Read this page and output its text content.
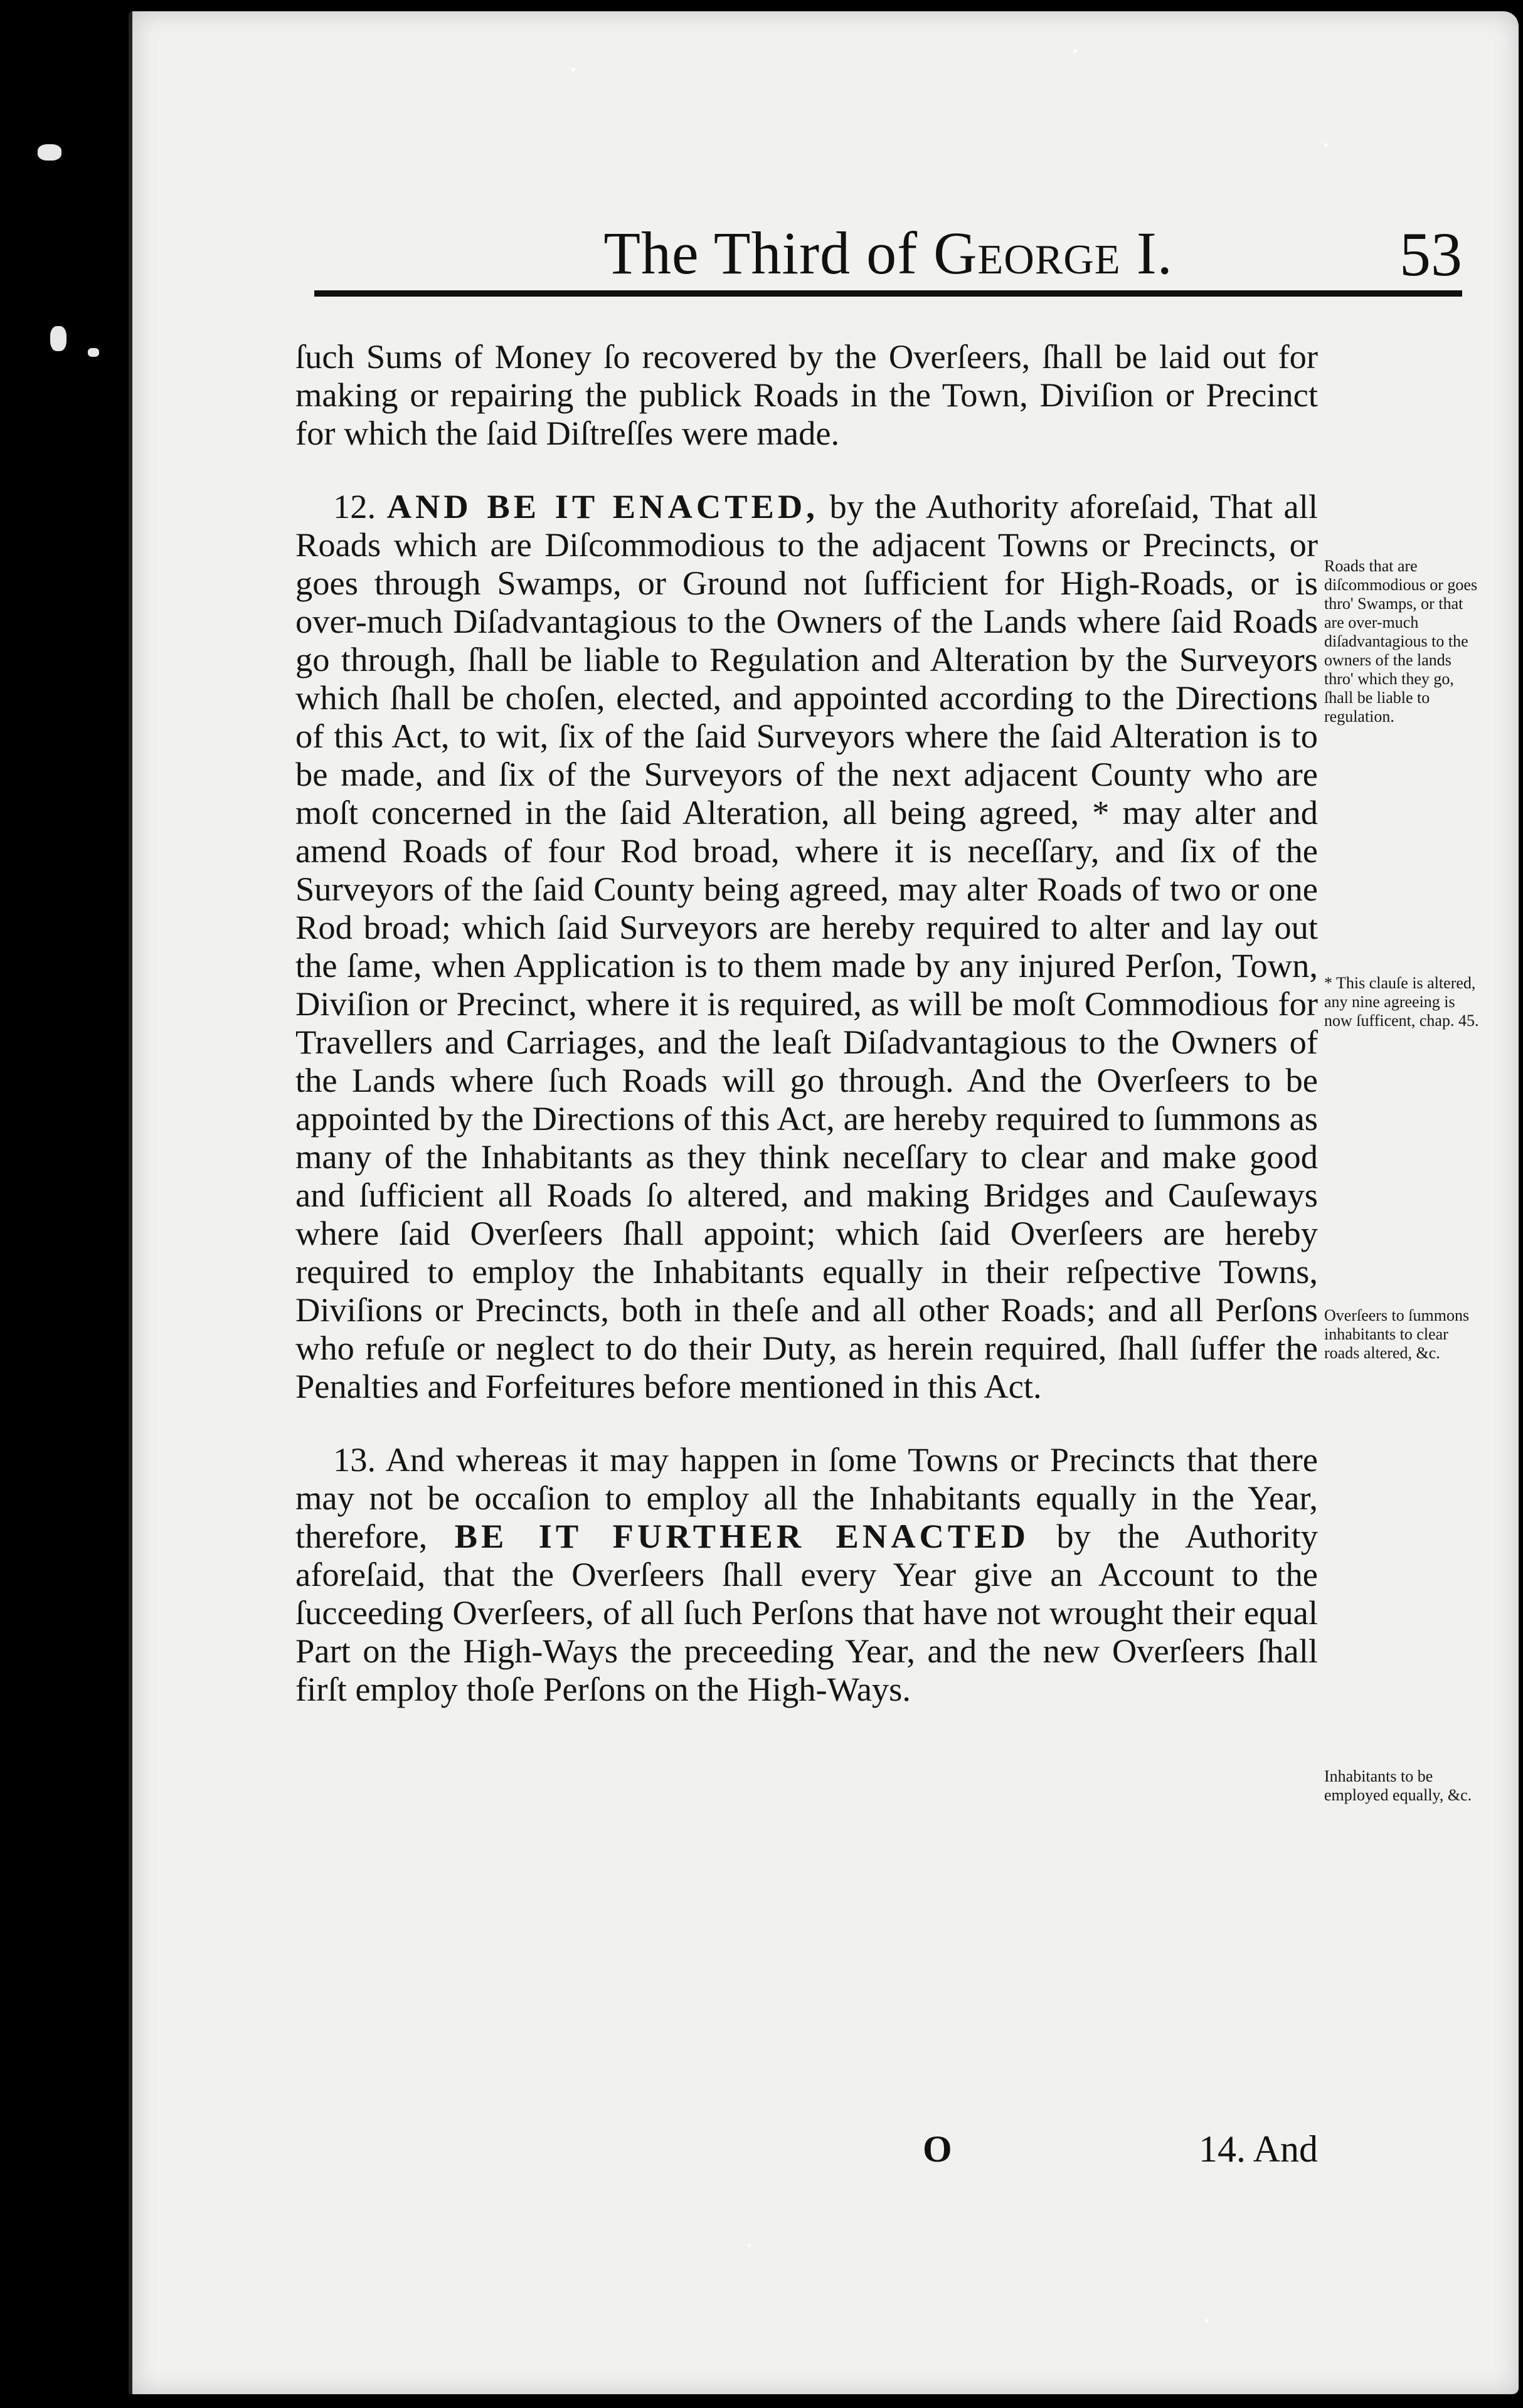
The Third of George I.	53

ſuch Sums of Money ſo recovered by the Overſeers, ſhall be laid out for making or repairing the publick Roads in the Town, Diviſion or Precinct for which the ſaid Diſtreſſes were made.

12. AND BE IT ENACTED, by the Authority aforeſaid, That all Roads which are Diſcommodious to the adjacent Towns or Precincts, or goes through Swamps, or Ground not ſufficient for High-Roads, or is over-much Diſadvantagious to the Owners of the Lands where ſaid Roads go through, ſhall be liable to Regulation and Alteration by the Surveyors which ſhall be choſen, elected, and appointed according to the Directions of this Act, to wit, ſix of the ſaid Surveyors where the ſaid Alteration is to be made, and ſix of the Surveyors of the next adjacent County who are moſt concerned in the ſaid Alteration, all being agreed, * may alter and amend Roads of four Rod broad, where it is neceſſary, and ſix of the Surveyors of the ſaid County being agreed, may alter Roads of two or one Rod broad; which ſaid Surveyors are hereby required to alter and lay out the ſame, when Application is to them made by any injured Perſon, Town, Diviſion or Precinct, where it is required, as will be moſt Commodious for Travellers and Carriages, and the leaſt Diſadvantagious to the Owners of the Lands where ſuch Roads will go through. And the Overſeers to be appointed by the Directions of this Act, are hereby required to ſummons as many of the Inhabitants as they think neceſſary to clear and make good and ſufficient all Roads ſo altered, and making Bridges and Cauſeways where ſaid Overſeers ſhall appoint; which ſaid Overſeers are hereby required to employ the Inhabitants equally in their reſpective Towns, Diviſions or Precincts, both in theſe and all other Roads; and all Perſons who refuſe or neglect to do their Duty, as herein required, ſhall ſuffer the Penalties and Forfeitures before mentioned in this Act.

13. And whereas it may happen in ſome Towns or Precincts that there may not be occaſion to employ all the Inhabitants equally in the Year, therefore, BE IT FURTHER ENACTED by the Authority aforeſaid, that the Overſeers ſhall every Year give an Account to the ſucceeding Overſeers, of all ſuch Perſons that have not wrought their equal Part on the High-Ways the preceeding Year, and the new Overſeers ſhall firſt employ thoſe Perſons on the High-Ways.

Roads that are diſcommodious or goes thro' Swamps, or that are over-much diſadvantagious to the owners of the lands thro' which they go, ſhall be liable to regulation.
* This clauſe is altered, any nine agreeing is now ſufficent, chap. 45.
Overſeers to ſummons inhabitants to clear roads altered, &c.
Inhabitants to be employed equally, &c.
O	14. And
